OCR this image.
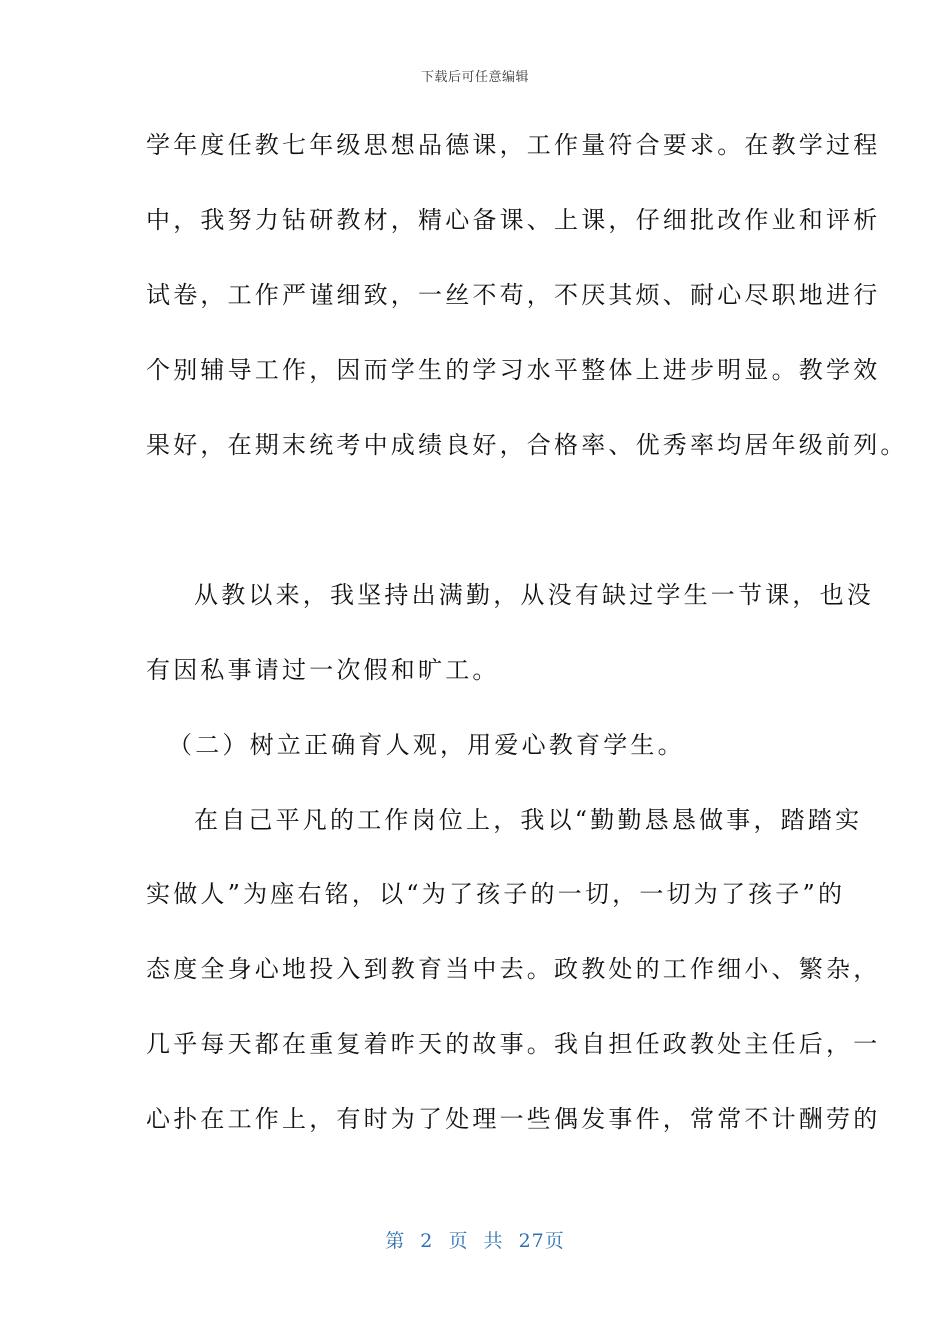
下载后可任意编辑
学年度任教七年级思想品德课，工作量符合要求。在教学过程
中，我努力钻研教材，精心备课、上课，仔细批改作业和评析
试卷，工作严谨细致，一丝不苟，不厌其烦、耐心尽职地进行
个别辅导工作，因而学生的学习水平整体上进步明显。教学效
果好，在期末统考中成绩良好，合格率、优秀率均居年级前列。
从教以来，我坚持出满勤，从没有缺过学生一节课，也没
有因私事请过一次假和旷工。
（二）树立正确育人观，用爱心教育学生。
在自己平凡的工作岗位上，我以“勤勤恳恳做事，踏踏实
实做人”为座右铭，以“为了孩子的一切，一切为了孩子”的
态度全身心地投入到教育当中去。政教处的工作细小、繁杂，
几乎每天都在重复着昨天的故事。我自担任政教处主任后，一
心扑在工作上，有时为了处理一些偶发事件，常常不计酬劳的
第 2 页 共 27页
